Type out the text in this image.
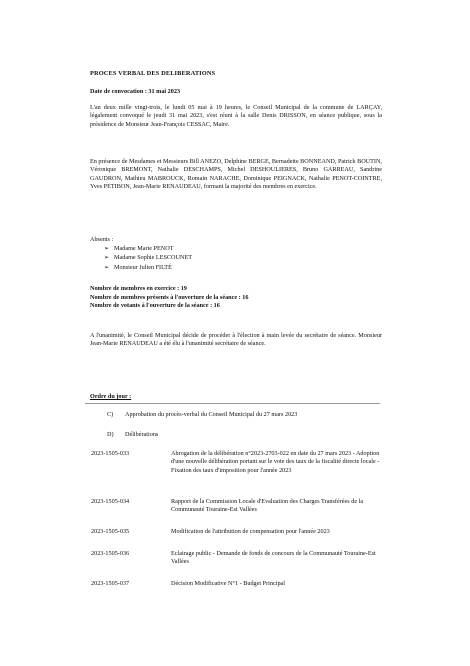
PROCES VERBAL DES DELIBERATIONS
Date de convocation : 31 mai 2023
L'an deux mille vingt-trois, le lundi 05 mai à 19 heures, le Conseil Municipal de la commune de LARÇAY, légalement convoqué le jeudi 31 mai 2023, s'est réuni à la salle Denis DRISSON, en séance publique, sous la présidence de Monsieur Jean-François CESSAC, Maire.
En présence de Mesdames et Messieurs Bill ANEZO, Delphine BERGE, Bernadette BONNEAND, Patrick BOUTIN, Véronique BREMONT, Nathalie DESCHAMPS, Michel DESHOULIERES, Bruno GARREAU, Sandrine GAUDRON, Mathieu MABROUCK, Romain NARACHE, Dominique PEIGNACK, Nathalie PENOT-COINTRE, Yves PETIBON, Jean-Marie RENAUDEAU, formant la majorité des membres en exercice.
Absents :
➢ Madame Marie PENOT
➢ Madame Sophie LESCOUNET
➢ Monsieur Julien FILTÉ
Nombre de membres en exercice : 19
Nombre de membres présents à l'ouverture de la séance : 16
Nombre de votants à l'ouverture de la séance : 16
A l'unanimité, le Conseil Municipal décide de procéder à l'élection à main levée du secrétaire de séance. Monsieur Jean-Marie RENAUDEAU a été élu à l'unanimité secrétaire de séance.
Ordre du jour :
C) Approbation du procès-verbal du Conseil Municipal du 27 mars 2023
D) Délibérations
2023-1505-033	Abrogation de la délibération n°2023-2703-022 en date du 27 mars 2023 - Adoption d'une nouvelle délibération portant sur le vote des taux de la fiscalité directe locale - Fixation des taux d'imposition pour l'année 2023
2023-1505-034	Rapport de la Commission Locale d'Evaluation des Charges Transférées de la Communauté Touraine-Est Vallées
2023-1505-035	Modification de l'attribution de compensation pour l'année 2023
2023-1505-036	Eclairage public - Demande de fonds de concours de la Communauté Touraine-Est Vallées
2023-1505-037	Décision Modificative N°1 - Budget Principal
